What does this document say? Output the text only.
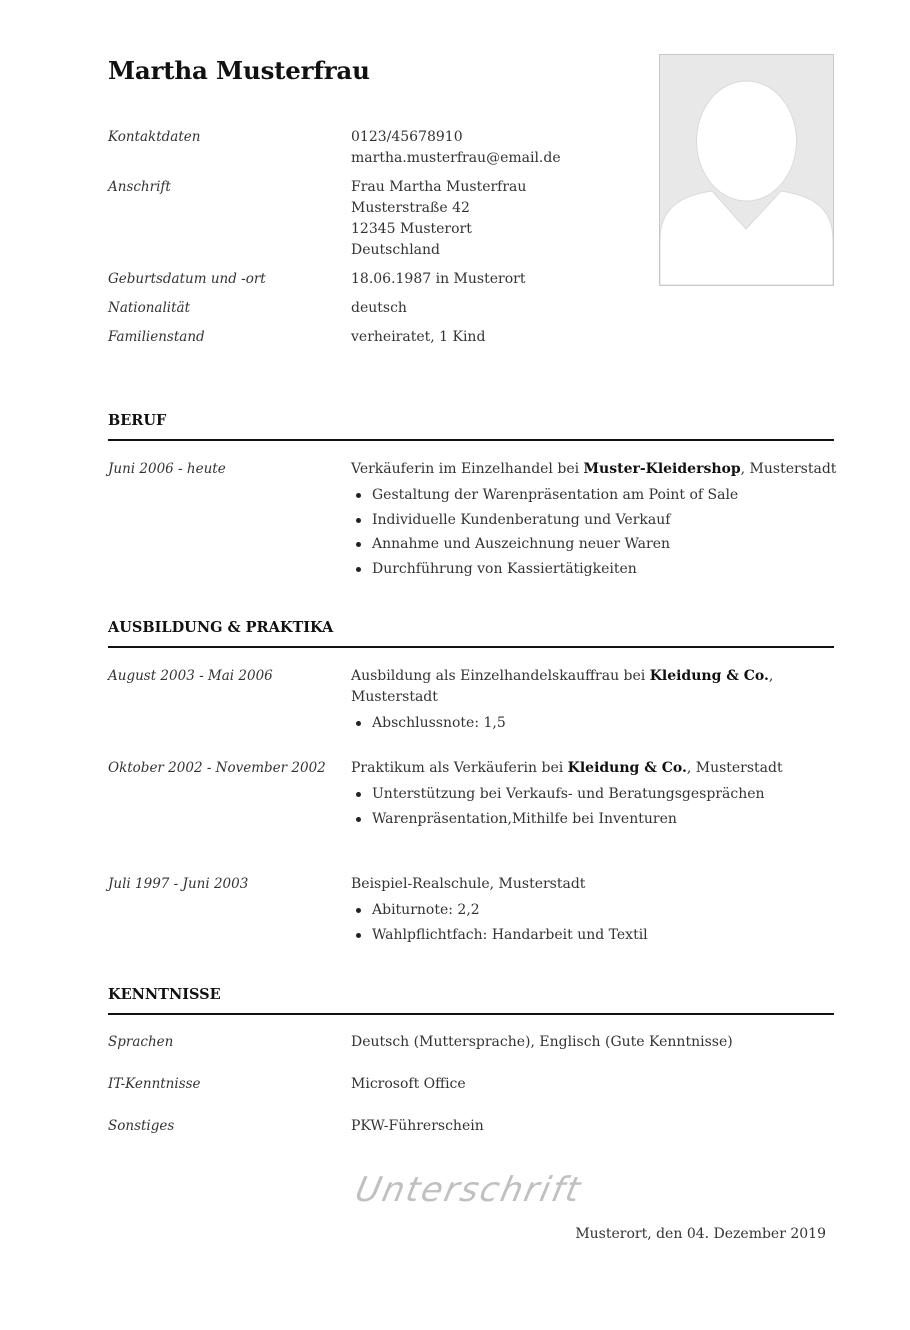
Martha Musterfrau
Kontaktdaten	0123/45678910
martha.musterfrau@email.de
Anschrift	Frau Martha Musterfrau
Musterstraße 42
12345 Musterort
Deutschland
Geburtsdatum und -ort	18.06.1987 in Musterort
Nationalität	deutsch
Familienstand	verheiratet, 1 Kind
BERUF
Juni 2006 - heute	Verkäuferin im Einzelhandel bei Muster-Kleidershop, Musterstadt
Gestaltung der Warenpräsentation am Point of Sale
Individuelle Kundenberatung und Verkauf
Annahme und Auszeichnung neuer Waren
Durchführung von Kassiertätigkeiten
AUSBILDUNG & PRAKTIKA
August 2003 - Mai 2006	Ausbildung als Einzelhandelskauffrau bei Kleidung & Co.,
Musterstadt
Abschlussnote: 1,5
Oktober 2002 - November 2002 Praktikum als Verkäuferin bei Kleidung & Co., Musterstadt
Unterstützung bei Verkaufs- und Beratungsgesprächen
Warenpräsentation,Mithilfe bei Inventuren
Juli 1997 - Juni 2003	Beispiel-Realschule, Musterstadt
Abiturnote: 2,2
Wahlpflichtfach: Handarbeit und Textil
KENNTNISSE
Sprachen	Deutsch (Muttersprache), Englisch (Gute Kenntnisse)
IT-Kenntnisse	Microsoft Office
Sonstiges	PKW-Führerschein
Unterschrift
Musterort, den 04. Dezember 2019
